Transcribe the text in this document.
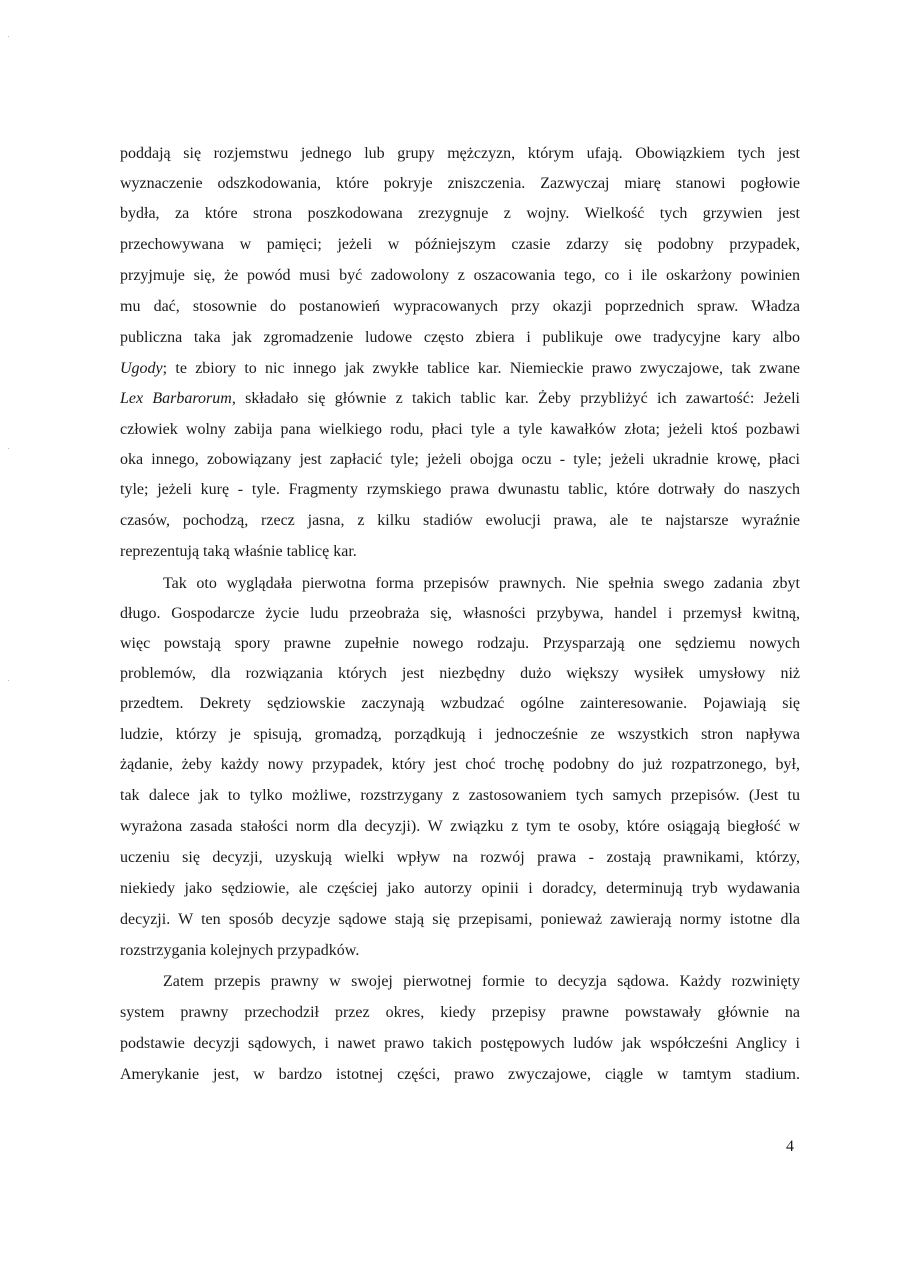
poddają się rozjemstwu jednego lub grupy mężczyzn, którym ufają. Obowiązkiem tych jest
wyznaczenie odszkodowania, które pokryje zniszczenia. Zazwyczaj miarę stanowi pogłowie
bydła, za które strona poszkodowana zrezygnuje z wojny. Wielkość tych grzywien jest
przechowywana w pamięci; jeżeli w późniejszym czasie zdarzy się podobny przypadek,
przyjmuje się, że powód musi być zadowolony z oszacowania tego, co i ile oskarżony powinien
mu dać, stosownie do postanowień wypracowanych przy okazji poprzednich spraw. Władza
publiczna taka jak zgromadzenie ludowe często zbiera i publikuje owe tradycyjne kary albo
Ugody; te zbiory to nic innego jak zwykłe tablice kar. Niemieckie prawo zwyczajowe, tak zwane
Lex Barbarorum, składało się głównie z takich tablic kar. Żeby przybliżyć ich zawartość: Jeżeli
człowiek wolny zabija pana wielkiego rodu, płaci tyle a tyle kawałków złota; jeżeli ktoś pozbawi
oka innego, zobowiązany jest zapłacić tyle; jeżeli obojga oczu - tyle; jeżeli ukradnie krowę, płaci
tyle; jeżeli kurę - tyle. Fragmenty rzymskiego prawa dwunastu tablic, które dotrwały do naszych
czasów, pochodzą, rzecz jasna, z kilku stadiów ewolucji prawa, ale te najstarsze wyraźnie
reprezentują taką właśnie tablicę kar.
Tak oto wyglądała pierwotna forma przepisów prawnych. Nie spełnia swego zadania zbyt
długo. Gospodarcze życie ludu przeobraża się, własności przybywa, handel i przemysł kwitną,
więc powstają spory prawne zupełnie nowego rodzaju. Przysparzają one sędziemu nowych
problemów, dla rozwiązania których jest niezbędny dużo większy wysiłek umysłowy niż
przedtem. Dekrety sędziowskie zaczynają wzbudzać ogólne zainteresowanie. Pojawiają się
ludzie, którzy je spisują, gromadzą, porządkują i jednocześnie ze wszystkich stron napływa
żądanie, żeby każdy nowy przypadek, który jest choć trochę podobny do już rozpatrzonego, był,
tak dalece jak to tylko możliwe, rozstrzygany z zastosowaniem tych samych przepisów. (Jest tu
wyrażona zasada stałości norm dla decyzji). W związku z tym te osoby, które osiągają biegłość w
uczeniu się decyzji, uzyskują wielki wpływ na rozwój prawa - zostają prawnikami, którzy,
niekiedy jako sędziowie, ale częściej jako autorzy opinii i doradcy, determinują tryb wydawania
decyzji. W ten sposób decyzje sądowe stają się przepisami, ponieważ zawierają normy istotne dla
rozstrzygania kolejnych przypadków.
Zatem przepis prawny w swojej pierwotnej formie to decyzja sądowa. Każdy rozwinięty
system prawny przechodził przez okres, kiedy przepisy prawne powstawały głównie na
podstawie decyzji sądowych, i nawet prawo takich postępowych ludów jak współcześni Anglicy i
Amerykanie jest, w bardzo istotnej części, prawo zwyczajowe, ciągle w tamtym stadium.
4
